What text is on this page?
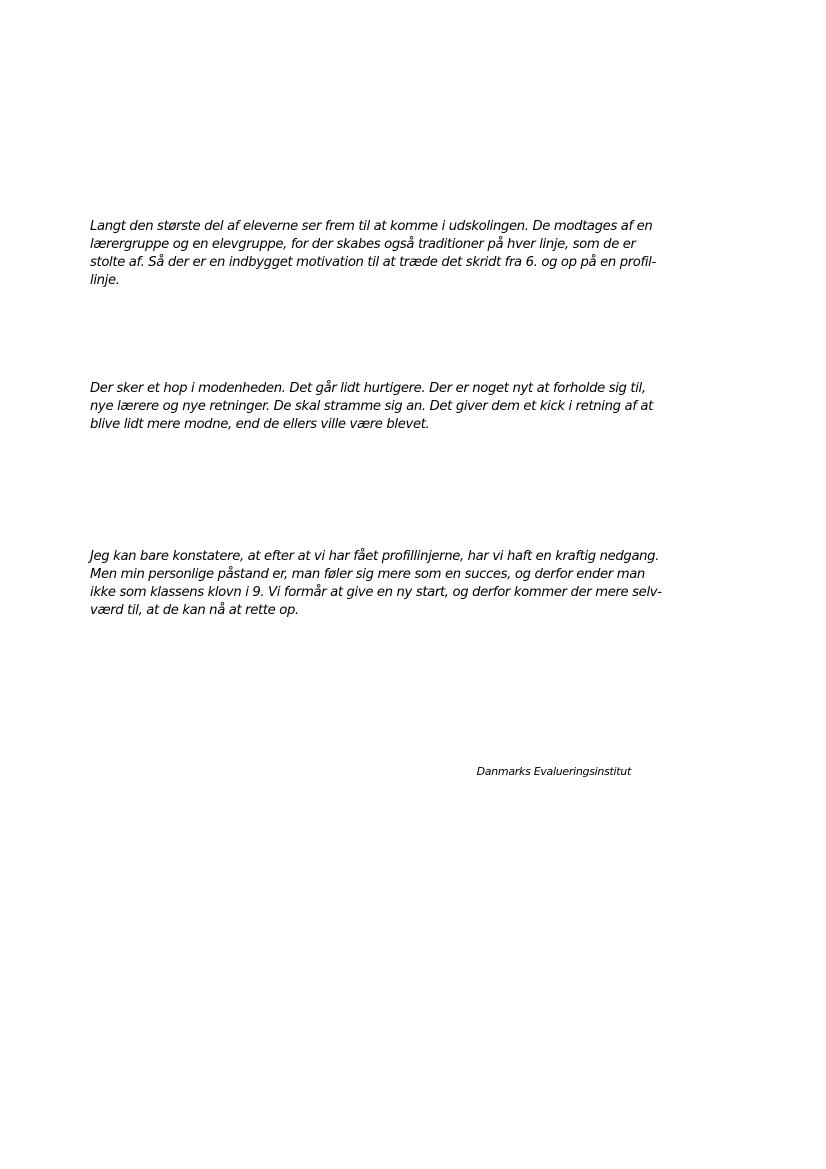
Langt den største del af eleverne ser frem til at komme i udskolingen. De modtages af en
lærergruppe og en elevgruppe, for der skabes også traditioner på hver linje, som de er
stolte af. Så der er en indbygget motivation til at træde det skridt fra 6. og op på en profil-
linje.

Der sker et hop i modenheden. Det går lidt hurtigere. Der er noget nyt at forholde sig til,
nye lærere og nye retninger. De skal stramme sig an. Det giver dem et kick i retning af at
blive lidt mere modne, end de ellers ville være blevet.

Jeg kan bare konstatere, at efter at vi har fået profillinjerne, har vi haft en kraftig nedgang.
Men min personlige påstand er, man føler sig mere som en succes, og derfor ender man
ikke som klassens klovn i 9. Vi formår at give en ny start, og derfor kommer der mere selv-
værd til, at de kan nå at rette op.

Danmarks Evalueringsinstitut
